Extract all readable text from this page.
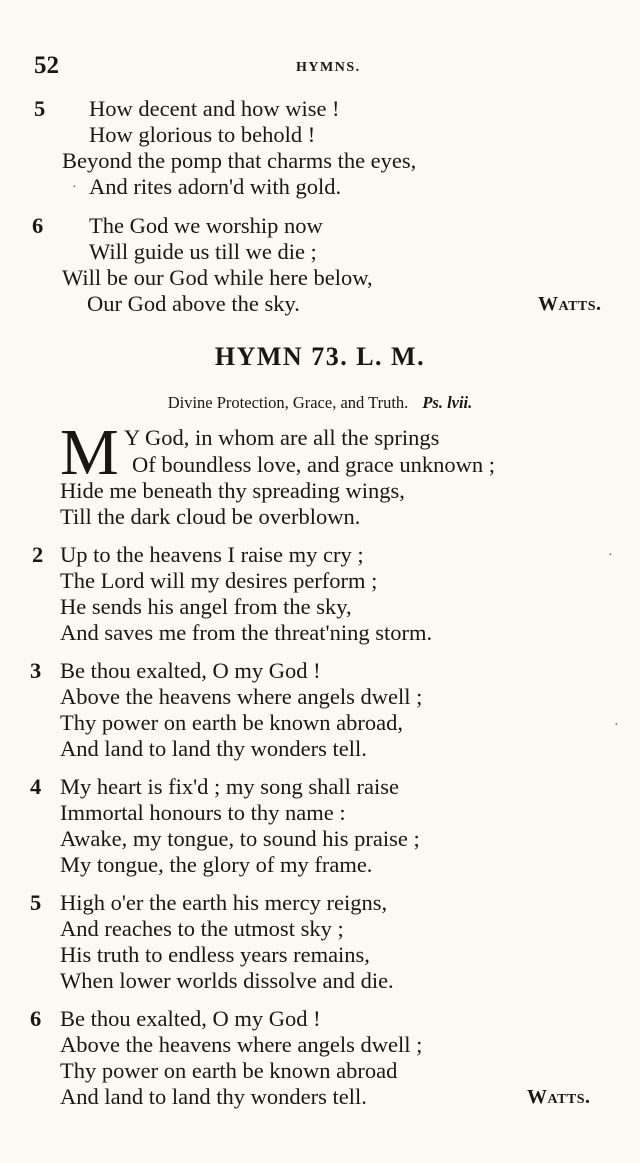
52	HYMNS.
5 How decent and how wise !
How glorious to behold !
Beyond the pomp that charms the eyes,
· And rites adorn'd with gold.
6 The God we worship now
Will guide us till we die ;
Will be our God while here below,
Our God above the sky.	Watts.
HYMN 73. L. M.
Divine Protection, Grace, and Truth. Ps. lvii.
M Y God, in whom are all the springs
Of boundless love, and grace unknown ;
Hide me beneath thy spreading wings,
Till the dark cloud be overblown.
2 Up to the heavens I raise my cry ;
The Lord will my desires perform ;
He sends his angel from the sky,
And saves me from the threat'ning storm.
·
3 Be thou exalted, O my God !
Above the heavens where angels dwell ;
Thy power on earth be known abroad,
And land to land thy wonders tell.
·
4 My heart is fix'd ; my song shall raise
Immortal honours to thy name :
Awake, my tongue, to sound his praise ;
My tongue, the glory of my frame.
5 High o'er the earth his mercy reigns,
And reaches to the utmost sky ;
His truth to endless years remains,
When lower worlds dissolve and die.
6 Be thou exalted, O my God !
Above the heavens where angels dwell ;
Thy power on earth be known abroad
And land to land thy wonders tell.	Watts.
